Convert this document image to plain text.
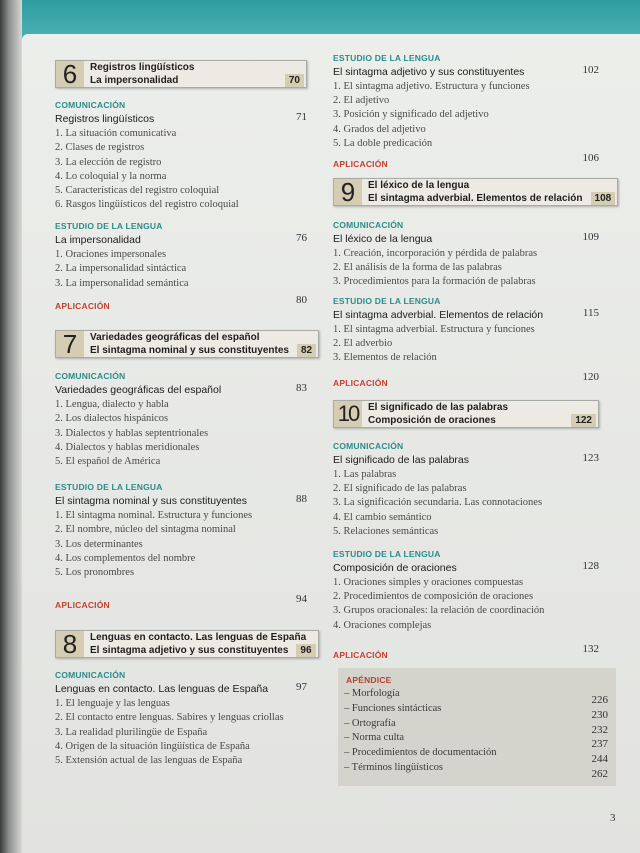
6	Registros lingüísticos
La impersonalidad	70
COMUNICACIÓN
Registros lingüísticos	71
1. La situación comunicativa
2. Clases de registros
3. La elección de registro
4. Lo coloquial y la norma
5. Características del registro coloquial
6. Rasgos lingüísticos del registro coloquial
ESTUDIO DE LA LENGUA
La impersonalidad	76
1. Oraciones impersonales
2. La impersonalidad sintáctica
3. La impersonalidad semántica
APLICACIÓN	80
7	Variedades geográficas del español
El sintagma nominal y sus constituyentes	82
COMUNICACIÓN
Variedades geográficas del español	83
1. Lengua, dialecto y habla
2. Los dialectos hispánicos
3. Dialectos y hablas septentrionales
4. Dialectos y hablas meridionales
5. El español de América
ESTUDIO DE LA LENGUA
El sintagma nominal y sus constituyentes	88
1. El sintagma nominal. Estructura y funciones
2. El nombre, núcleo del sintagma nominal
3. Los determinantes
4. Los complementos del nombre
5. Los pronombres
APLICACIÓN	94
8	Lenguas en contacto. Las lenguas de España
El sintagma adjetivo y sus constituyentes	96
COMUNICACIÓN
Lenguas en contacto. Las lenguas de España	97
1. El lenguaje y las lenguas
2. El contacto entre lenguas. Sabires y lenguas criollas
3. La realidad plurilingüe de España
4. Origen de la situación lingüística de España
5. Extensión actual de las lenguas de España
ESTUDIO DE LA LENGUA
El sintagma adjetivo y sus constituyentes	102
1. El sintagma adjetivo. Estructura y funciones
2. El adjetivo
3. Posición y significado del adjetivo
4. Grados del adjetivo
5. La doble predicación
APLICACIÓN	106
9	El léxico de la lengua
El sintagma adverbial. Elementos de relación	108
COMUNICACIÓN
El léxico de la lengua	109
1. Creación, incorporación y pérdida de palabras
2. El análisis de la forma de las palabras
3. Procedimientos para la formación de palabras
ESTUDIO DE LA LENGUA
El sintagma adverbial. Elementos de relación	115
1. El sintagma adverbial. Estructura y funciones
2. El adverbio
3. Elementos de relación
APLICACIÓN	120
10 El significado de las palabras
Composición de oraciones	122
COMUNICACIÓN
El significado de las palabras	123
1. Las palabras
2. El significado de las palabras
3. La significación secundaria. Las connotaciones
4. El cambio semántico
5. Relaciones semánticas
ESTUDIO DE LA LENGUA
Composición de oraciones	128
1. Oraciones simples y oraciones compuestas
2. Procedimientos de composición de oraciones
3. Grupos oracionales: la relación de coordinación
4. Oraciones complejas
APLICACIÓN	132
APÉNDICE
– Morfología
226
– Funciones sintácticas
230
– Ortografía
232
– Norma culta
237
– Procedimientos de documentación
244
– Términos lingüísticos
262
3
